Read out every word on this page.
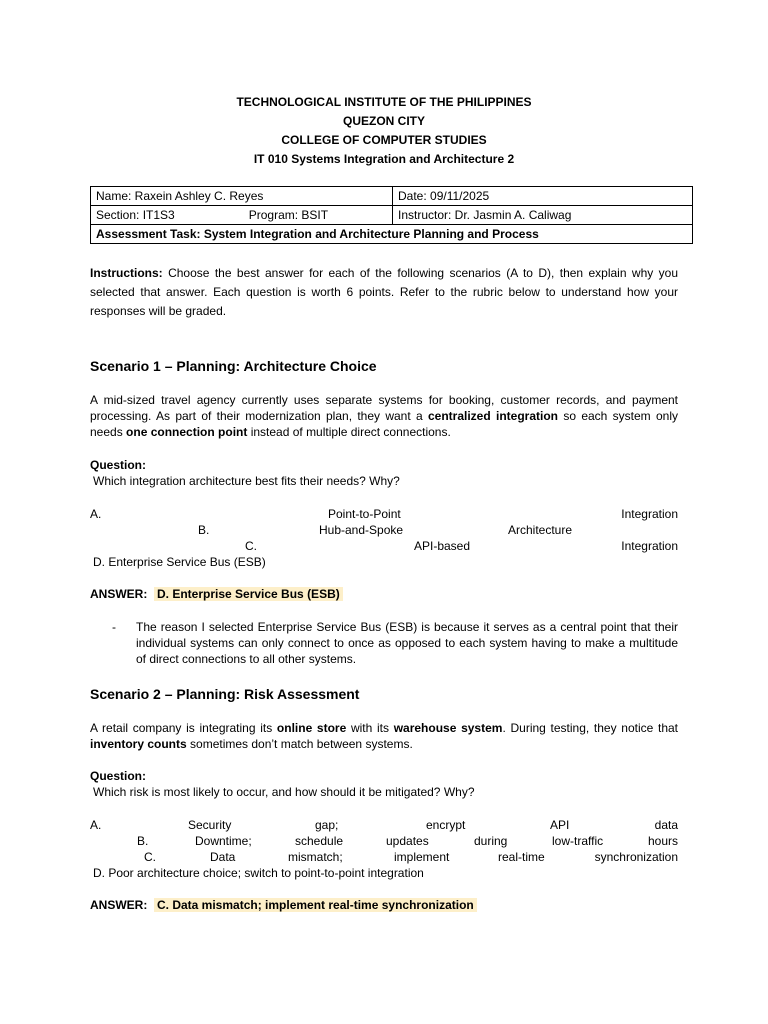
TECHNOLOGICAL INSTITUTE OF THE PHILIPPINES
QUEZON CITY
COLLEGE OF COMPUTER STUDIES
IT 010 Systems Integration and Architecture 2
Name: Raxein Ashley C. Reyes	Date: 09/11/2025
Section: IT1S3 Program: BSIT	Instructor: Dr. Jasmin A. Caliwag
Assessment Task: System Integration and Architecture Planning and Process	
Instructions: Choose the best answer for each of the following scenarios (A to D), then explain why you selected that answer. Each question is worth 6 points. Refer to the rubric below to understand how your responses will be graded.
Scenario 1 – Planning: Architecture Choice
A mid-sized travel agency currently uses separate systems for booking, customer records, and payment processing. As part of their modernization plan, they want a centralized integration so each system only needs one connection point instead of multiple direct connections.
Question:
Which integration architecture best fits their needs? Why?
A.	Point-to-Point	Integration
B.	Hub-and-Spoke	Architecture
C.	API-based	Integration
D. Enterprise Service Bus (ESB)
ANSWER: D. Enterprise Service Bus (ESB)
- The reason I selected Enterprise Service Bus (ESB) is because it serves as a central point that their individual systems can only connect to once as opposed to each system having to make a multitude of direct connections to all other systems.
Scenario 2 – Planning: Risk Assessment
A retail company is integrating its online store with its warehouse system. During testing, they notice that inventory counts sometimes don’t match between systems.
Question:
Which risk is most likely to occur, and how should it be mitigated? Why?
A.	Security	gap;	encrypt	API	data
B.	Downtime;	schedule	updates	during	low-traffic	hours
C.	Data	mismatch;	implement	real-time	synchronization
D. Poor architecture choice; switch to point-to-point integration
ANSWER: C. Data mismatch; implement real-time synchronization
